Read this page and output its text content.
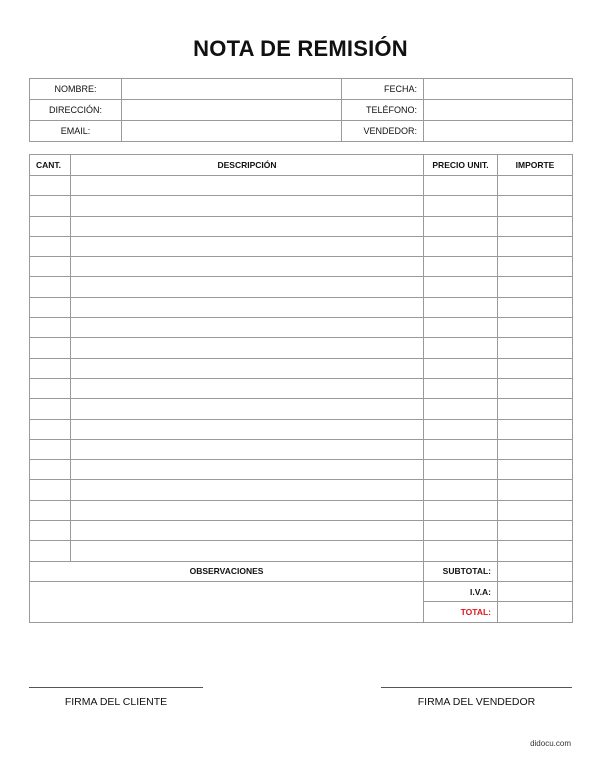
NOTA DE REMISIÓN
NOMBRE:		FECHA:	
DIRECCIÓN:		TELÉFONO:	
EMAIL:		VENDEDOR:	
CANT.	DESCRIPCIÓN	PRECIO UNIT.	IMPORTE

OBSERVACIONES		SUBTOTAL:	
		I.V.A:	
		TOTAL:	
FIRMA DEL CLIENTE	FIRMA DEL VENDEDOR
didocu.com
